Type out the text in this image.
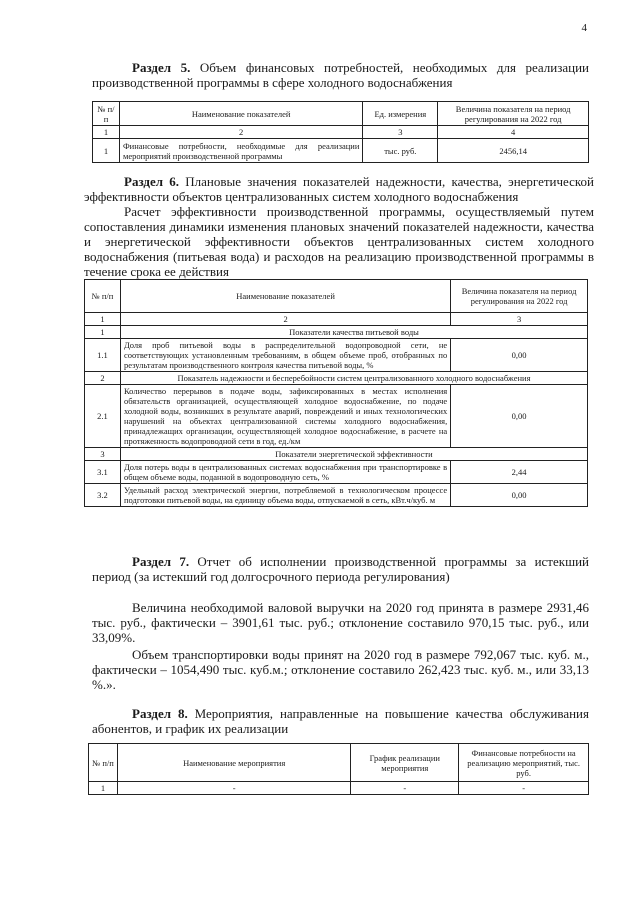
4
Раздел 5. Объем финансовых потребностей, необходимых для реализации производственной программы в сфере холодного водоснабжения
№ п/п	Наименование показателей	Ед. измерения	Величина показателя на период регулирования на 2022 год
1	2	3	4
1	Финансовые потребности, необходимые для реализации мероприятий производственной программы	тыс. руб.	2456,14
Раздел 6. Плановые значения показателей надежности, качества, энергетической эффективности объектов централизованных систем холодного водоснабжения
Расчет эффективности производственной программы, осуществляемый путем сопоставления динамики изменения плановых значений показателей надежности, качества и энергетической эффективности объектов централизованных систем холодного водоснабжения (питьевая вода) и расходов на реализацию производственной программы в течение срока ее действия
№ п/п	Наименование показателей	Величина показателя на период регулирования на 2022 год
1	2	3
1	Показатели качества питьевой воды	
1.1	Доля проб питьевой воды в распределительной водопроводной сети, не соответствующих установленным требованиям, в общем объеме проб, отобранных по результатам производственного контроля качества питьевой воды, %	0,00
2	Показатель надежности и бесперебойности систем централизованного холодного водоснабжения	
2.1	Количество перерывов в подаче воды, зафиксированных в местах исполнения обязательств организацией, осуществляющей холодное водоснабжение, по подаче холодной воды, возникших в результате аварий, повреждений и иных технологических нарушений на объектах централизованной системы холодного водоснабжения, принадлежащих организации, осуществляющей холодное водоснабжение, в расчете на протяженность водопроводной сети в год, ед./км	0,00
3	Показатели энергетической эффективности	
3.1	Доля потерь воды в централизованных системах водоснабжения при транспортировке в общем объеме воды, поданной в водопроводную сеть, %	2,44
3.2	Удельный расход электрической энергии, потребляемой в технологическом процессе подготовки питьевой воды, на единицу объема воды, отпускаемой в сеть, кВт.ч/куб. м	0,00
Раздел 7. Отчет об исполнении производственной программы за истекший период (за истекший год долгосрочного периода регулирования)
Величина необходимой валовой выручки на 2020 год принята в размере 2931,46 тыс. руб., фактически – 3901,61 тыс. руб.; отклонение составило 970,15 тыс. руб., или 33,09%.
Объем транспортировки воды принят на 2020 год в размере 792,067 тыс. куб. м., фактически – 1054,490 тыс. куб.м.; отклонение составило 262,423 тыс. куб. м., или 33,13 %.».
Раздел 8. Мероприятия, направленные на повышение качества обслуживания абонентов, и график их реализации
№ п/п	Наименование мероприятия	График реализации мероприятия	Финансовые потребности на реализацию мероприятий, тыс. руб.
1	-	-	-
